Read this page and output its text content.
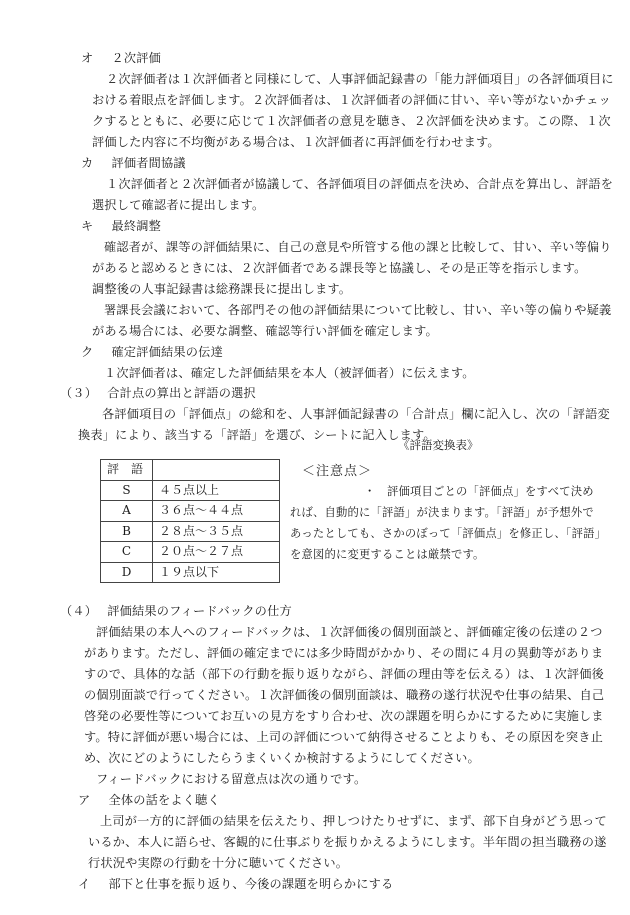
オ ２次評価
２次評価者は１次評価者と同様にして、人事評価記録書の「能力評価項目」の各評価項目に
おける着眼点を評価します。２次評価者は、１次評価者の評価に甘い、辛い等がないかチェッ
クするとともに、必要に応じて１次評価者の意見を聴き、２次評価を決めます。この際、１次
評価した内容に不均衡がある場合は、１次評価者に再評価を行わせます。
カ 評価者間協議
１次評価者と２次評価者が協議して、各評価項目の評価点を決め、合計点を算出し、評語を
選択して確認者に提出します。
キ 最終調整
確認者が、課等の評価結果に、自己の意見や所管する他の課と比較して、甘い、辛い等偏り
があると認めるときには、２次評価者である課長等と協議し、その是正等を指示します。
調整後の人事記録書は総務課長に提出します。
署課長会議において、各部門その他の評価結果について比較し、甘い、辛い等の偏りや疑義
がある場合には、必要な調整、確認等行い評価を確定します。
ク 確定評価結果の伝達
１次評価者は、確定した評価結果を本人（被評価者）に伝えます。
（３） 合計点の算出と評語の選択
各評価項目の「評価点」の総和を、人事評価記録書の「合計点」欄に記入し、次の「評語変
換表」により、該当する「評語」を選び、シートに記入します。
《評語変換表》
評　語	
S	４５点以上
A	３６点～４４点
B	２８点～３５点
C	２０点～２７点
D	１９点以下
＜注意点＞
・　評価項目ごとの「評価点」をすべて決め
れば、自動的に「評語」が決まります。「評語」が予想外で
あったとしても、さかのぼって「評価点」を修正し、「評語」
を意図的に変更することは厳禁です。
（４） 評価結果のフィードバックの仕方
評価結果の本人へのフィードバックは、１次評価後の個別面談と、評価確定後の伝達の２つ
があります。ただし、評価の確定までには多少時間がかかり、その間に４月の異動等がありま
すので、具体的な話（部下の行動を振り返りながら、評価の理由等を伝える）は、１次評価後
の個別面談で行ってください。１次評価後の個別面談は、職務の遂行状況や仕事の結果、自己
啓発の必要性等についてお互いの見方をすり合わせ、次の課題を明らかにするために実施しま
す。特に評価が悪い場合には、上司の評価について納得させることよりも、その原因を突き止
め、次にどのようにしたらうまくいくか検討するようにしてください。
フィードバックにおける留意点は次の通りです。
ア 全体の話をよく聴く
上司が一方的に評価の結果を伝えたり、押しつけたりせずに、まず、部下自身がどう思って
いるか、本人に語らせ、客観的に仕事ぶりを振りかえるようにします。半年間の担当職務の遂
行状況や実際の行動を十分に聴いてください。
イ 部下と仕事を振り返り、今後の課題を明らかにする
